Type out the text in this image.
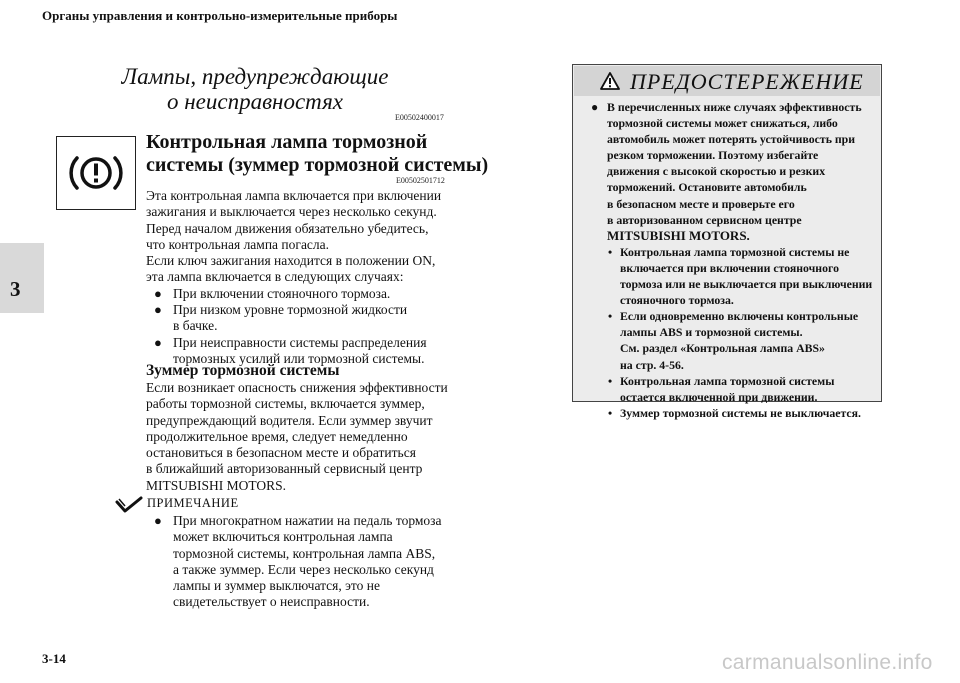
Органы управления и контрольно-измерительные приборы
3
Лампы, предупреждающие
о неисправностях
E00502400017
Контрольная лампа тормозной
системы (зуммер тормозной системы)
E00502501712

Эта контрольная лампа включается при включении
зажигания и выключается через несколько секунд.
Перед началом движения обязательно убедитесь,
что контрольная лампа погасла.

Если ключ зажигания находится в положении ON,
эта лампа включается в следующих случаях:

● При включении стояночного тормоза.
● При низком уровне тормозной жидкости
в бачке.
● При неисправности системы распределения
тормозных усилий или тормозной системы.
Зуммер тормозной системы
Если возникает опасность снижения эффективности
работы тормозной системы, включается зуммер,
предупреждающий водителя. Если зуммер звучит
продолжительное время, следует немедленно
остановиться в безопасном месте и обратиться
в ближайший авторизованный сервисный центр
MITSUBISHI MOTORS.
ПРИМЕЧАНИЕ
● При многократном нажатии на педаль тормоза
может включиться контрольная лампа
тормозной системы, контрольная лампа ABS,
а также зуммер. Если через несколько секунд
лампы и зуммер выключатся, это не
свидетельствует о неисправности.
ПРЕДОСТЕРЕЖЕНИЕ

● В перечисленных ниже случаях эффективность
тормозной системы может снижаться, либо
автомобиль может потерять устойчивость при
резком торможении. Поэтому избегайте
движения с высокой скоростью и резких
торможений. Остановите автомобиль
в безопасном месте и проверьте его
в авторизованном сервисном центре
MITSUBISHI MOTORS.

• Контрольная лампа тормозной системы не
включается при включении стояночного
тормоза или не выключается при выключении
стояночного тормоза.
• Если одновременно включены контрольные
лампы ABS и тормозной системы.
См. раздел «Контрольная лампа ABS»
на стр. 4-56.
• Контрольная лампа тормозной системы
остается включенной при движении.
• Зуммер тормозной системы не выключается.
3-14	carmanualsonline.info
